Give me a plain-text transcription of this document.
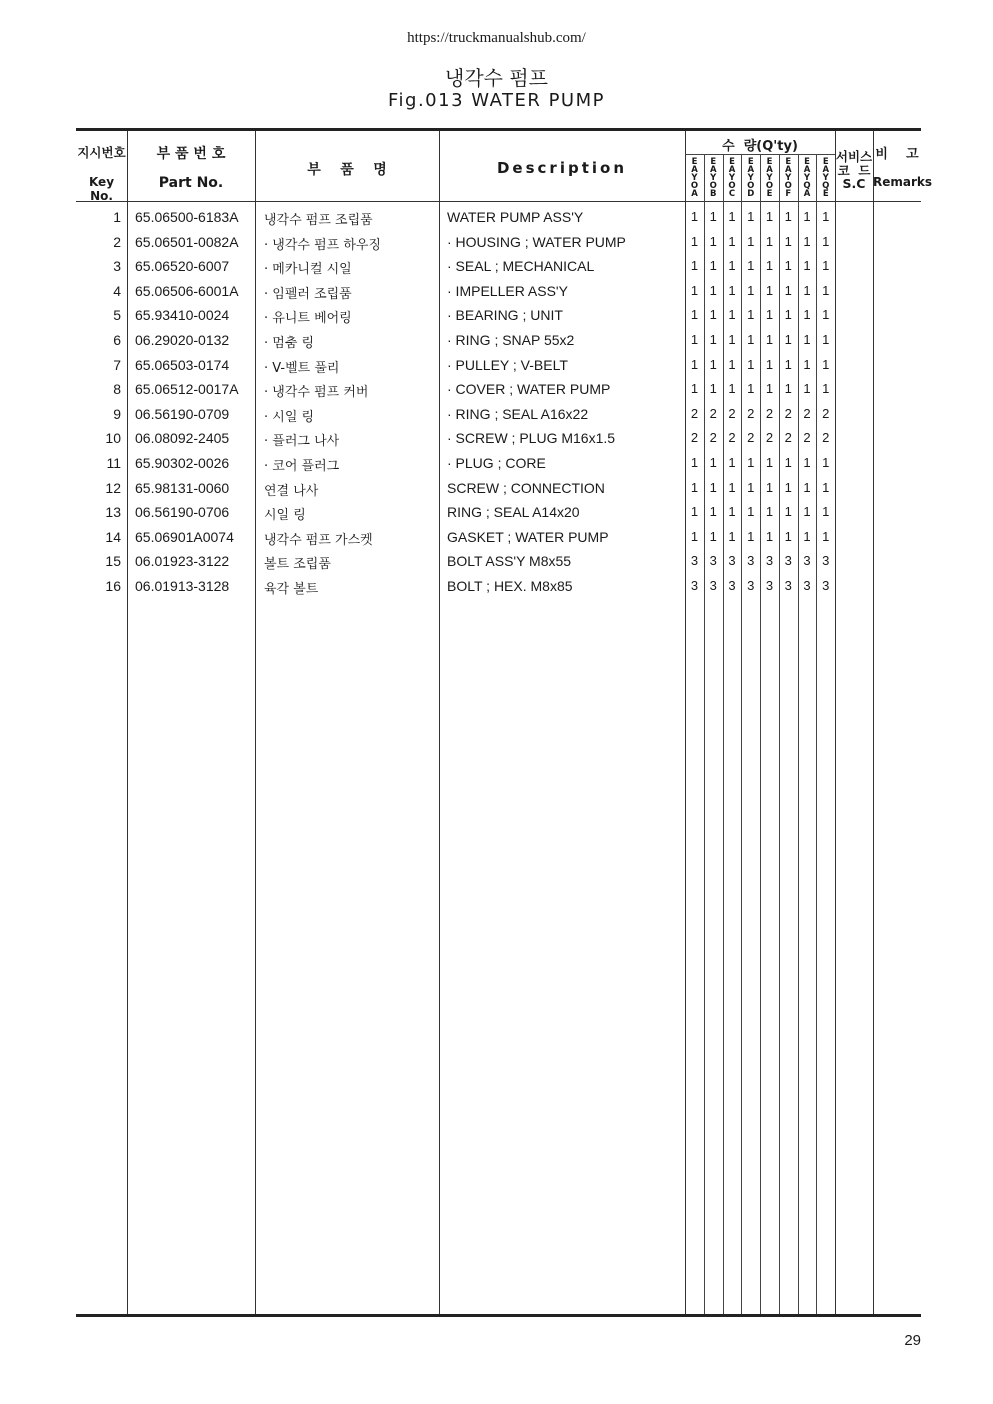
https://truckmanualshub.com/
냉각수 펌프
Fig.013 WATER PUMP
지시번호
Key No.
부 품 번 호
Part No.
부    품    명	Description
수  량(Q'ty)
서비스
코  드
S.C
비    고
Remarks
E
A
Y
O
A
E
A
Y
O
B
E
A
Y
O
C
E
A
Y
O
D
E
A
Y
O
E
E
A
Y
O
F
E
A
Y
Q
A
E
A
Y
Q
E
1 65.06500-6183A 냉각수 펌프 조립품	WATER PUMP ASS'Y	1 1 1 1 1 1 1 1
2 65.06501-0082A · 냉각수 펌프 하우징	· HOUSING ; WATER PUMP	1 1 1 1 1 1 1 1
3 65.06520-6007	· 메카니컬 시일	· SEAL ; MECHANICAL	1 1 1 1 1 1 1 1
4 65.06506-6001A · 임펠러 조립품	· IMPELLER ASS'Y	1 1 1 1 1 1 1 1
5 65.93410-0024	· 유니트 베어링	· BEARING ; UNIT	1 1 1 1 1 1 1 1
6 06.29020-0132	· 멈춤 링	· RING ; SNAP 55x2	1 1 1 1 1 1 1 1
7 65.06503-0174	· V-벨트 풀리	· PULLEY ; V-BELT	1 1 1 1 1 1 1 1
8 65.06512-0017A · 냉각수 펌프 커버	· COVER ; WATER PUMP	1 1 1 1 1 1 1 1
9 06.56190-0709	· 시일 링	· RING ; SEAL A16x22	2 2 2 2 2 2 2 2
10 06.08092-2405	· 플러그 나사	· SCREW ; PLUG M16x1.5	2 2 2 2 2 2 2 2
11 65.90302-0026	· 코어 플러그	· PLUG ; CORE	1 1 1 1 1 1 1 1
12 65.98131-0060	연결 나사	SCREW ; CONNECTION	1 1 1 1 1 1 1 1
13 06.56190-0706	시일 링	RING ; SEAL A14x20	1 1 1 1 1 1 1 1
14 65.06901A0074 냉각수 펌프 가스켓	GASKET ; WATER PUMP	1 1 1 1 1 1 1 1
15 06.01923-3122	볼트 조립품	BOLT ASS'Y M8x55	3 3 3 3 3 3 3 3
16 06.01913-3128	육각 볼트	BOLT ; HEX. M8x85	3 3 3 3 3 3 3 3
29
